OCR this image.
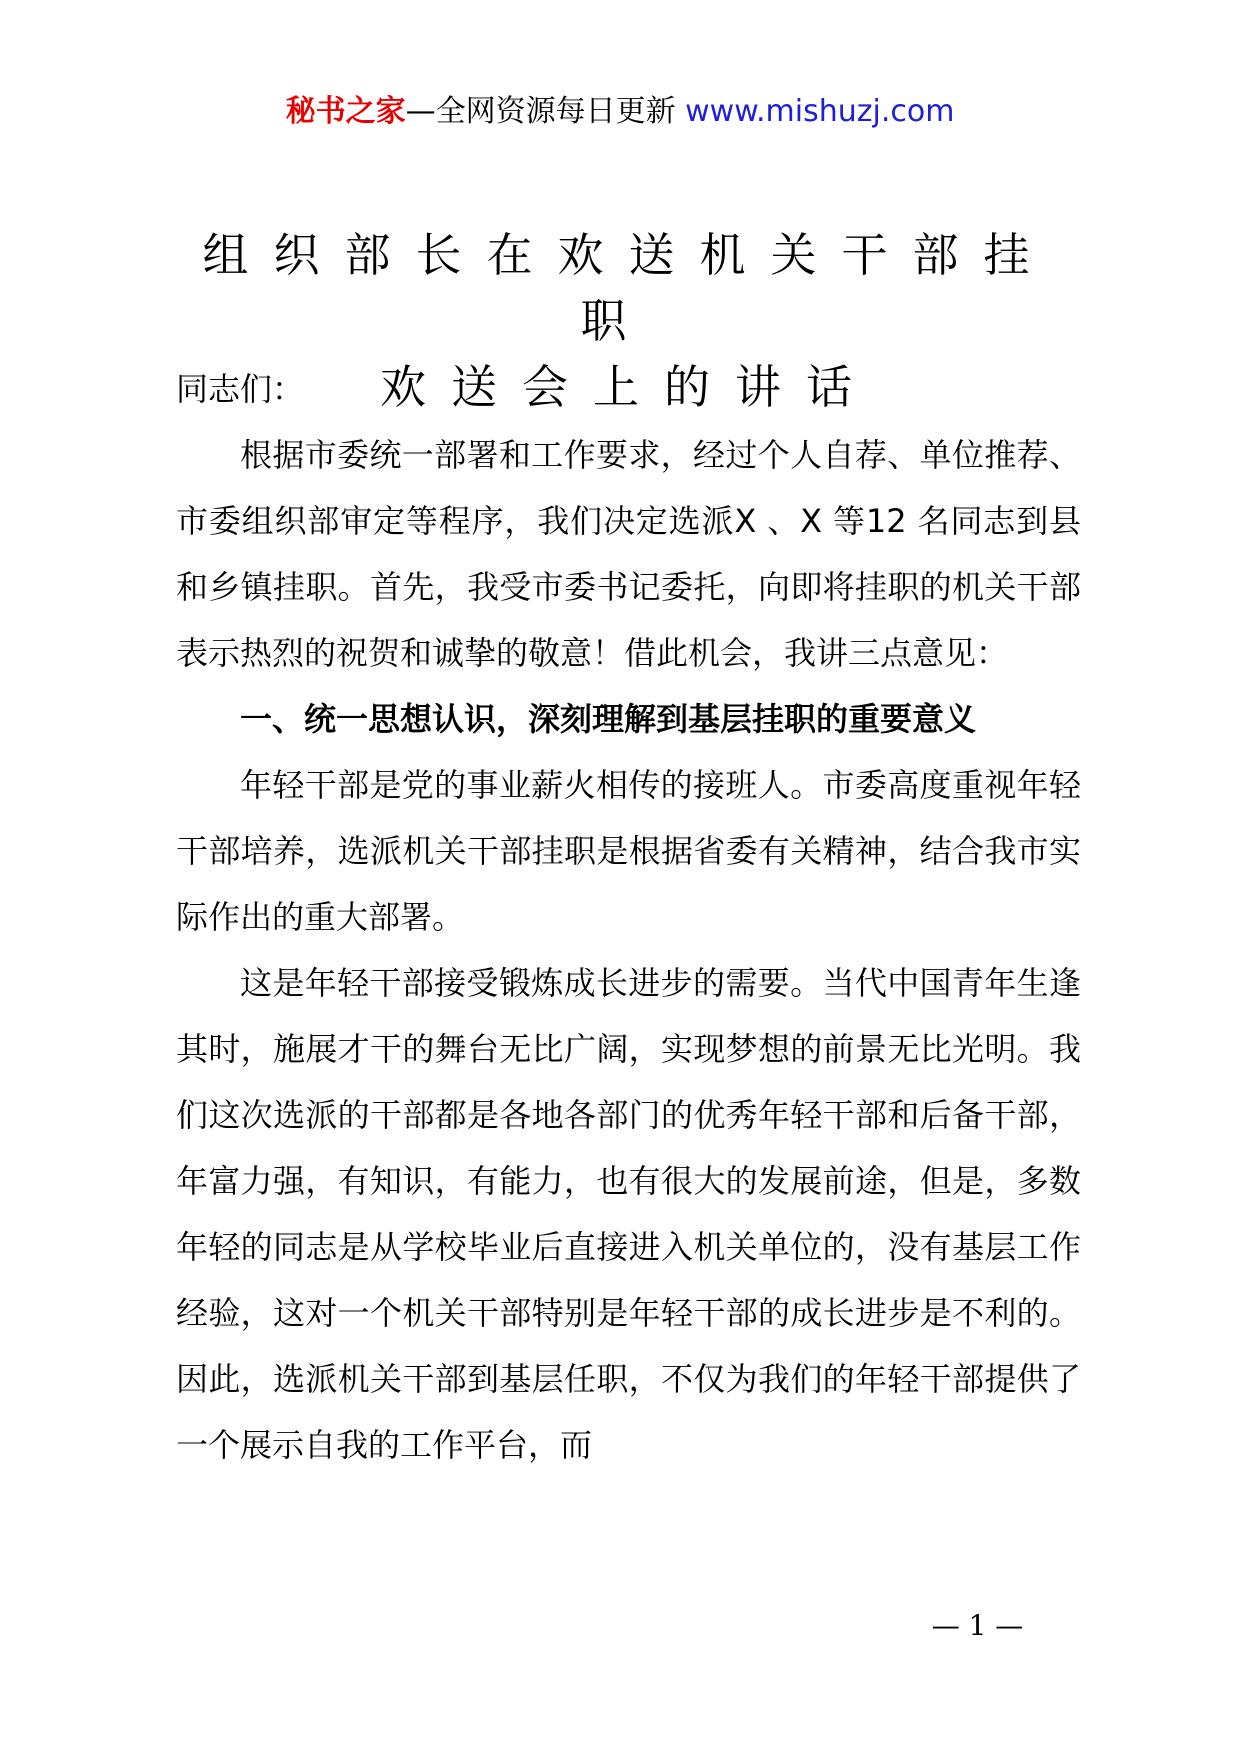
秘书之家—全网资源每日更新 www.mishuzj.com
组织部长在欢送机关干部挂职
欢送会上的讲话

同志们：

根据市委统一部署和工作要求，经过个人自荐、单位推荐、市委组织部审定等程序，我们决定选派X 、X 等12 名同志到县和乡镇挂职。首先，我受市委书记委托，向即将挂职的机关干部表示热烈的祝贺和诚挚的敬意！借此机会，我讲三点意见：

一、统一思想认识，深刻理解到基层挂职的重要意义

年轻干部是党的事业薪火相传的接班人。市委高度重视年轻干部培养，选派机关干部挂职是根据省委有关精神，结合我市实际作出的重大部署。

这是年轻干部接受锻炼成长进步的需要。当代中国青年生逢其时，施展才干的舞台无比广阔，实现梦想的前景无比光明。我们这次选派的干部都是各地各部门的优秀年轻干部和后备干部，年富力强，有知识，有能力，也有很大的发展前途，但是，多数年轻的同志是从学校毕业后直接进入机关单位的，没有基层工作经验，这对一个机关干部特别是年轻干部的成长进步是不利的。因此，选派机关干部到基层任职，不仅为我们的年轻干部提供了一个展示自我的工作平台，而

— 1 —
